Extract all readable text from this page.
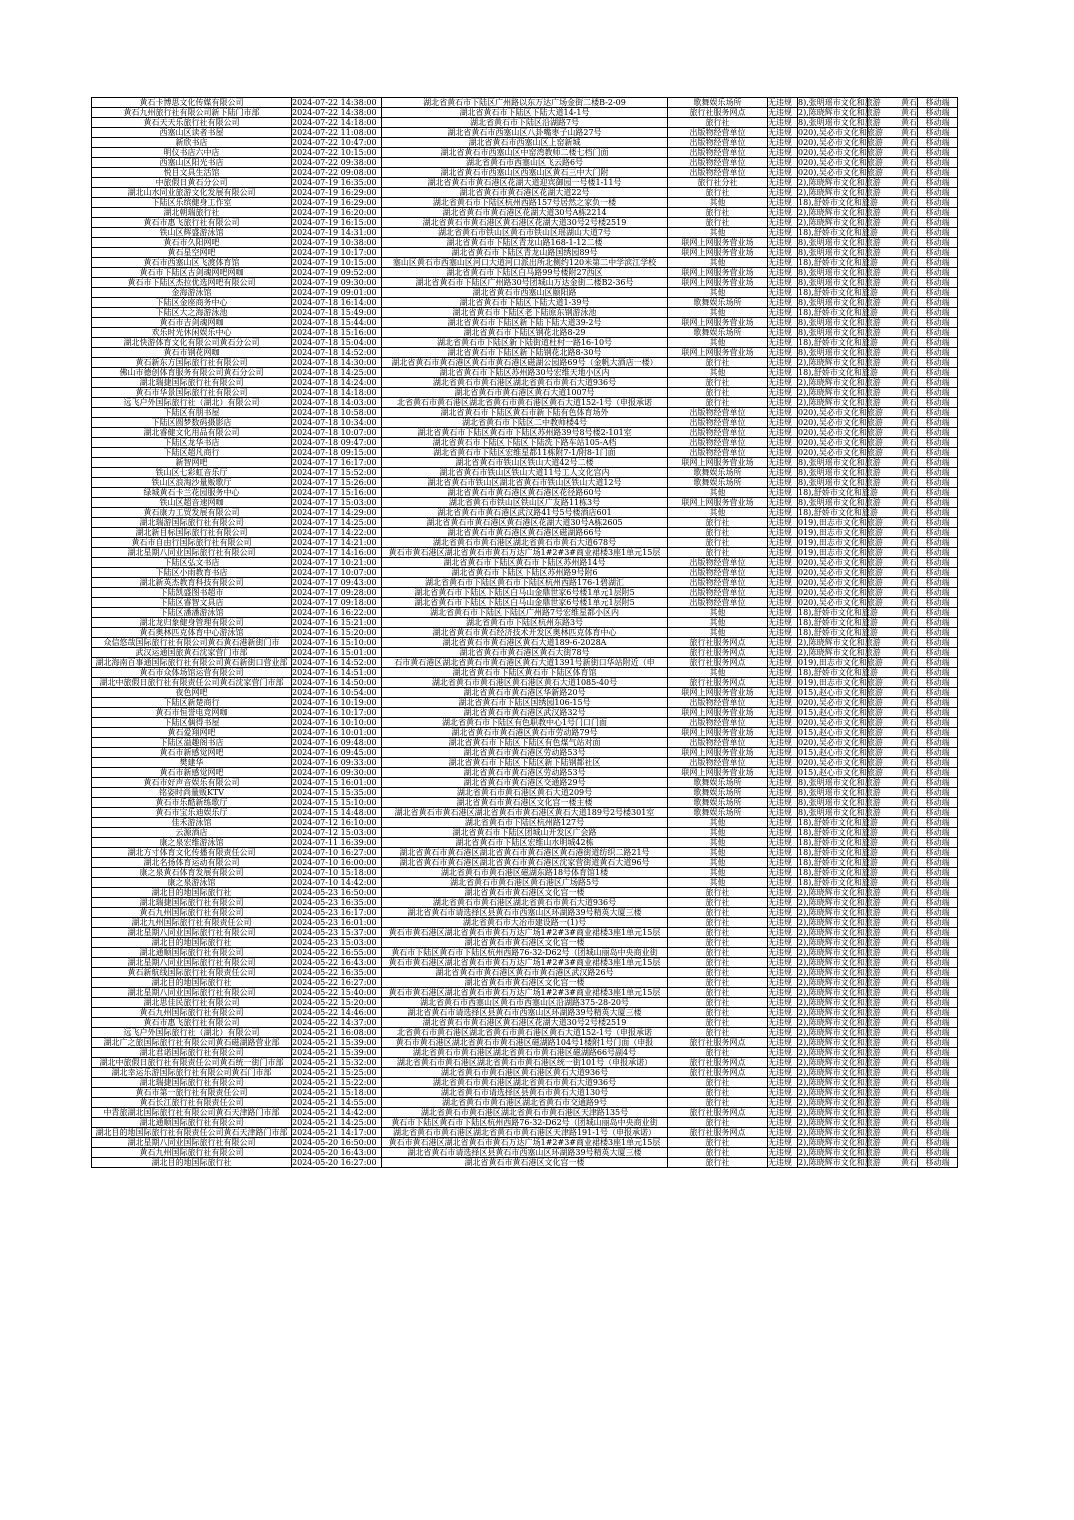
黄石卡博思文化传媒有限公司	2024-07-22 14:38:00	湖北省黄石市下陆区广州路以东万达广场金街二楼B-2-09	歌舞娱乐场所	无违规	8),张明瑶市文化和旅游	黄石	移动端
黄石九州旅行社有限公司新下陆门市部	2024-07-22 14:38:00	湖北省黄石市下陆区下陆大道14-1号	旅行社服务网点	无违规	2),陈晓辉市文化和旅游	黄石	移动端
黄石天天乐旅行社有限公司	2024-07-22 14:18:00	湖北省黄石市下陆区沿湖路7号	旅行社	无违规	8),张明瑶市文化和旅游	黄石	移动端
西塞山区读者书屋	2024-07-22 11:08:00	湖北省黄石市西塞山区八卦嘴枣子山路27号	出版物经营单位	无违规	020),吴必市文化和旅游	黄石	移动端
新欣书店	2024-07-22 10:47:00	湖北省黄石市西塞山区上窑新城	出版物经营单位	无违规	020),吴必市文化和旅游	黄石	移动端
明仪书店六中店	2024-07-22 10:15:00	湖北省黄石市西塞山区中窑湾教师二楼七档门面	出版物经营单位	无违规	020),吴必市文化和旅游	黄石	移动端
西塞山区阳光书店	2024-07-22 09:38:00	湖北省黄石市西塞山区飞云路6号	出版物经营单位	无违规	020),吴必市文化和旅游	黄石	移动端
悦目文具生活馆	2024-07-22 09:08:00	湖北省黄石市西塞山区西塞山区黄石三中大门附	出版物经营单位	无违规	020),吴必市文化和旅游	黄石	移动端
中旅假日黄石分公司	2024-07-19 16:35:00	湖北省黄石市黄石港区花湖大道迎宾御园一号楼1-11号	旅行社分社	无违规	2),陈晓辉市文化和旅游	黄石	移动端
湖北山水同业旅游文化发展有限公司	2024-07-19 16:29:00	湖北省黄石市黄石港区花湖大道22号	旅行社	无违规	2),陈晓辉市文化和旅游	黄石	移动端
下陆区乐缤健身工作室	2024-07-19 16:29:00	湖北省黄石市下陆区杭州西路157号居然之家负一楼	其他	无违规	18),舒娇市文化和旅游	黄石	移动端
湖北朝瑞旅行社	2024-07-19 16:20:00	湖北省黄石市黄石港区花湖大道30号A栋2214	旅行社	无违规	2),陈晓辉市文化和旅游	黄石	移动端
黄石市惠飞旅行社有限公司	2024-07-19 16:15:00	湖北省黄石市黄石港区黄石港区花湖大道30号2号楼2519	旅行社	无违规	2),陈晓辉市文化和旅游	黄石	移动端
铁山区辉盛游泳馆	2024-07-19 14:31:00	湖北省黄石市铁山区黄石市铁山区瑶湖山大道7号	其他	无违规	18),舒娇市文化和旅游	黄石	移动端
黄石市久阳网吧	2024-07-19 10:38:00	湖北省黄石市下陆区青龙山路168-1-12二楼	联网上网服务营业场	无违规	8),张明瑶市文化和旅游	黄石	移动端
黄石星空网吧	2024-07-19 10:17:00	湖北省黄石市下陆区青龙山路国绣园89号	联网上网服务营业场	无违规	8),张明瑶市文化和旅游	黄石	移动端
黄石市西塞山区飞渡体育馆	2024-07-19 10:15:00	塞山区黄石市西塞山区河口大道河口派出所北侧约120米第二中学滨江学校	其他	无违规	18),舒娇市文化和旅游	黄石	移动端
黄石市下陆区古剑魂网吧网咖	2024-07-19 09:52:00	湖北省黄石市下陆区白马路99号楼附27西区	联网上网服务营业场	无违规	8),张明瑶市文化和旅游	黄石	移动端
黄石市下陆区杰拉优选网吧有限公司	2024-07-19 09:30:00	湖北省黄石市下陆区广州路30号团城山万达金街二楼B2-36号	联网上网服务营业场	无违规	8),张明瑶市文化和旅游	黄石	移动端
金海游泳馆	2024-07-19 09:01:00	湖北省黄石市西塞山区颐阳路	其他	无违规	18),舒娇市文化和旅游	黄石	移动端
下陆区金座商务中心	2024-07-18 16:14:00	湖北省黄石市下陆区下陆大道1-39号	歌舞娱乐场所	无违规	8),张明瑶市文化和旅游	黄石	移动端
下陆区大之海游泳池	2024-07-18 15:49:00	湖北省黄石市下陆区老下陆原东钢游泳池	其他	无违规	18),舒娇市文化和旅游	黄石	移动端
黄石市吉剑魂网咖	2024-07-18 15:44:00	湖北省黄石市下陆区新下陆下陆大道39-2号	联网上网服务营业场	无违规	8),张明瑶市文化和旅游	黄石	移动端
欢乐时光休闲娱乐中心	2024-07-18 15:16:00	湖北省黄石市下陆区钢花北路8-29	歌舞娱乐场所	无违规	8),张明瑶市文化和旅游	黄石	移动端
湖北快游体育文化有限公司黄石分公司	2024-07-18 15:04:00	湖北省黄石市下陆区新下陆街道杜村一路16-10号	其他	无违规	18),舒娇市文化和旅游	黄石	移动端
黄石市钢花网咖	2024-07-18 14:52:00	湖北省黄石市下陆区新下陆钢花北路8-30号	联网上网服务营业场	无违规	8),张明瑶市文化和旅游	黄石	移动端
黄石新东方国际旅行社有限公司	2024-07-18 14:30:00	湖北省黄石市黄石港区黄石市黄石港区磁湖公园路69号（金帆大酒店一楼）	旅行社	无违规	2),陈晓辉市文化和旅游	黄石	移动端
佛山市德创体育服务有限公司黄石分公司	2024-07-18 14:25:00	湖北省黄石市下陆区苏州路30号宏维天地小区内	其他	无违规	18),舒娇市文化和旅游	黄石	移动端
湖北瑞捷国际旅行社有限公司	2024-07-18 14:24:00	湖北省黄石市黄石港区湖北省黄石市黄石大道936号	旅行社	无违规	2),陈晓辉市文化和旅游	黄石	移动端
黄石市华景国际旅行社有限公司	2024-07-18 14:18:00	湖北省黄石市黄石港区黄石大道1007号	旅行社	无违规	2),陈晓辉市文化和旅游	黄石	移动端
远飞户外国际旅行社（湖北）有限公司	2024-07-18 14:03:00	北省黄石市黄石港区湖北省黄石市黄石港区黄石大道152-1号（申报承诺	旅行社	无违规	2),陈晓辉市文化和旅游	黄石	移动端
下陆区有朋书屋	2024-07-18 10:58:00	湖北省黄石市下陆区黄石市新下陆有色体育场外	出版物经营单位	无违规	020),吴必市文化和旅游	黄石	移动端
下陆区圆梦数码摄影店	2024-07-18 10:34:00	湖北省黄石市下陆区二中教师楼4号	出版物经营单位	无违规	020),吴必市文化和旅游	黄石	移动端
湖北睿健文化用品有限公司	2024-07-18 10:07:00	湖北省黄石市下陆区黄石市下陆区苏州路39号8号楼2-101室	出版物经营单位	无违规	020),吴必市文化和旅游	黄石	移动端
下陆区龙华书店	2024-07-18 09:47:00	湖北省黄石市下陆区下陆区下陆洗下路车站105-A档	出版物经营单位	无违规	020),吴必市文化和旅游	黄石	移动端
下陆区超凡商行	2024-07-18 09:15:00	湖北省黄石市下陆区宏维星都11栋附7-1/附8-1门面	出版物经营单位	无违规	020),吴必市文化和旅游	黄石	移动端
新智网吧	2024-07-17 16:17:00	湖北省黄石市铁山区铁山大道42号二楼	联网上网服务营业场	无违规	8),张明瑶市文化和旅游	黄石	移动端
铁山区七彩虹音乐厅	2024-07-17 15:52:00	湖北省黄石市铁山区铁山大道11号工人文化宫内	歌舞娱乐场所	无违规	8),张明瑶市文化和旅游	黄石	移动端
铁山区浪淘沙量贩歌厅	2024-07-17 15:26:00	湖北省黄石市铁山区湖北省黄石市铁山区铁山大道12号	歌舞娱乐场所	无违规	8),张明瑶市文化和旅游	黄石	移动端
绿城黄石卡兰花园服务中心	2024-07-17 15:16:00	湖北省黄石市黄石港区黄石港区花径路60号	其他	无违规	18),舒娇市文化和旅游	黄石	移动端
铁山区超音速网咖	2024-07-17 15:03:00	湖北省黄石市铁山区铁山区广友路11栋3号	联网上网服务营业场	无违规	8),张明瑶市文化和旅游	黄石	移动端
黄石康力工贸发展有限公司	2024-07-17 14:29:00	湖北省黄石市黄石港区武汉路41号5号楼酒店601	其他	无违规	18),舒娇市文化和旅游	黄石	移动端
湖北瑞游国际旅行社有限公司	2024-07-17 14:25:00	湖北省黄石市黄石港区黄石港区花湖大道30号A栋2605	旅行社	无违规	019),田志市文化和旅游	黄石	移动端
湖北新目标国际旅行社有限公司	2024-07-17 14:22:00	湖北省黄石市黄石港区黄石港区磁湖路66号	旅行社	无违规	019),田志市文化和旅游	黄石	移动端
黄石市自由行国际旅行社有限公司	2024-07-17 14:21:00	湖北省黄石市黄石港区湖北省黄石市黄石大道678号	旅行社	无违规	019),田志市文化和旅游	黄石	移动端
湖北星期八同业国际旅行社有限公司	2024-07-17 14:16:00	黄石市黄石港区湖北省黄石市黄石万达广场1#2#3#商业裙楼3座1单元15层	旅行社	无违规	019),田志市文化和旅游	黄石	移动端
下陆区弘文书店	2024-07-17 10:21:00	湖北省黄石市下陆区黄石市下陆区苏州路14号	出版物经营单位	无违规	020),吴必市文化和旅游	黄石	移动端
下陆区小雨教育书店	2024-07-17 10:07:00	湖北省黄石市下陆区下陆区苏州路9号附6	出版物经营单位	无违规	020),吴必市文化和旅游	黄石	移动端
湖北新英杰教育科技有限公司	2024-07-17 09:43:00	湖北省黄石市下陆区黄石市下陆区杭州西路176-1碧湖汇	出版物经营单位	无违规	020),吴必市文化和旅游	黄石	移动端
下陆凯盛图书超市	2024-07-17 09:28:00	湖北省黄石市下陆区下陆区白马山金鼎世家6号楼1单元1层附5	出版物经营单位	无违规	020),吴必市文化和旅游	黄石	移动端
下陆区睿智文具店	2024-07-17 09:18:00	湖北省黄石市下陆区下陆区白马山金鼎世家6号楼1单元1层附5	出版物经营单位	无违规	020),吴必市文化和旅游	黄石	移动端
下陆区潘潘游泳馆	2024-07-16 16:22:00	湖北省黄石市下陆区下陆区广州路7号宏维星都小区内	其他	无违规	18),舒娇市文化和旅游	黄石	移动端
湖北龙归象健身管理有限公司	2024-07-16 15:21:00	湖北省黄石市下陆区杭州东路3号	其他	无违规	18),舒娇市文化和旅游	黄石	移动端
黄石奥林匹克体育中心游泳馆	2024-07-16 15:20:00	湖北省黄石市黄石经济技术开发区奥林匹克体育中心	其他	无违规	18),舒娇市文化和旅游	黄石	移动端
众信悠哉国际旅行社有限公司黄石黄石港新街门市	2024-07-16 15:10:00	湖北省黄石市黄石港区黄石大道189-6-2028A	旅行社服务网点	无违规	2),陈晓辉市文化和旅游	黄石	移动端
武汉运通国旅黄石沈家营门市部	2024-07-16 15:01:00	湖北省黄石市黄石港区黄石大街78号	旅行社服务网点	无违规	2),陈晓辉市文化和旅游	黄石	移动端
湖北海南百事通国际旅行社有限公司黄石新街口营业部	2024-07-16 14:52:00	石市黄石港区湖北省黄石市黄石港区黄石大道1391号新街口华站附近（申	旅行社服务网点	无违规	019),田志市文化和旅游	黄石	移动端
黄石市众体场馆运营有限公司	2024-07-16 14:51:00	湖北省黄石市下陆区黄石市下陆区体育馆	其他	无违规	18),舒娇市文化和旅游	黄石	移动端
湖北中旅假日旅行社有限责任公司黄石沈家营门市部	2024-07-16 14:50:00	湖北省黄石市黄石港区黄石港区黄石大道1085-40号	旅行社服务网点	无违规	019),田志市文化和旅游	黄石	移动端
夜色网吧	2024-07-16 10:54:00	湖北省黄石市黄石港区华新路20号	联网上网服务营业场	无违规	015),赵心市文化和旅游	黄石	移动端
下陆区新楚商行	2024-07-16 10:19:00	湖北省黄石市下陆区国绣园106-15号	出版物经营单位	无违规	020),吴必市文化和旅游	黄石	移动端
黄石市恒誉电竞网咖	2024-07-16 10:17:00	湖北省黄石市黄石港区武汉路32号	联网上网服务营业场	无违规	015),赵心市文化和旅游	黄石	移动端
下陆区偶得书屋	2024-07-16 10:10:00	湖北省黄石市下陆区有色职教中心1号门口门面	出版物经营单位	无违规	020),吴必市文化和旅游	黄石	移动端
黄石爱翔网吧	2024-07-16 10:01:00	湖北省黄石市黄石港区黄石市劳动路79号	联网上网服务营业场	无违规	015),赵心市文化和旅游	黄石	移动端
下陆区溢趣阁书店	2024-07-16 09:48:00	湖北省黄石市下陆区下陆区有色煤气站对面	出版物经营单位	无违规	020),吴必市文化和旅游	黄石	移动端
黄石市新感觉网吧	2024-07-16 09:45:00	湖北省黄石市黄石港区劳动路53号	联网上网服务营业场	无违规	015),赵心市文化和旅游	黄石	移动端
樊建华	2024-07-16 09:33:00	湖北省黄石市下陆区下陆区新下陆钢都社区	出版物经营单位	无违规	020),吴必市文化和旅游	黄石	移动端
黄石市新感觉网吧	2024-07-16 09:30:00	湖北省黄石市黄石港区劳动路53号	联网上网服务营业场	无违规	015),赵心市文化和旅游	黄石	移动端
黄石市好声音娱乐有限公司	2024-07-15 16:01:00	湖北省黄石市黄石港区交通路29号	歌舞娱乐场所	无违规	8),张明瑶市文化和旅游	黄石	移动端
铭姿时尚量贩KTV	2024-07-15 15:35:00	湖北省黄石市黄石港区黄石大道209号	歌舞娱乐场所	无违规	8),张明瑶市文化和旅游	黄石	移动端
黄石市乐酷新练歌厅	2024-07-15 15:10:00	湖北省黄石市黄石港区文化宫一楼主楼	歌舞娱乐场所	无违规	8),张明瑶市文化和旅游	黄石	移动端
黄石市宝乐迪娱乐厅	2024-07-15 14:48:00	湖北省黄石市黄石港区湖北省黄石市黄石港区黄石大道189号2号楼301室	歌舞娱乐场所	无违规	8),张明瑶市文化和旅游	黄石	移动端
佳禾游泳馆	2024-07-12 16:10:00	湖北省黄石市下陆区杭州路127号	其他	无违规	18),舒娇市文化和旅游	黄石	移动端
云源酒店	2024-07-12 15:03:00	湖北省黄石市下陆区团城山开发区广会路	其他	无违规	18),舒娇市文化和旅游	黄石	移动端
康之泉宏维游泳馆	2024-07-11 16:39:00	湖北省黄石市下陆区宏维山水明城42栋	其他	无违规	18),舒娇市文化和旅游	黄石	移动端
湖北方寸体育文化传播有限责任公司	2024-07-10 16:27:00	湖北省黄石市黄石港区湖北省黄石市黄石港区黄石港街道纺织二路21号	其他	无违规	18),舒娇市文化和旅游	黄石	移动端
湖北名扬体育运动有限公司	2024-07-10 16:00:00	湖北省黄石市黄石港区湖北省黄石市黄石港区沈家营街道黄石大道96号	其他	无违规	18),舒娇市文化和旅游	黄石	移动端
康之泉黄石体育发展有限公司	2024-07-10 15:18:00	湖北省黄石市黄石港区磁湖东路18号体育馆1楼	其他	无违规	18),舒娇市文化和旅游	黄石	移动端
康之泉游泳馆	2024-07-10 14:42:00	湖北省黄石市黄石港区黄石港区广场路5号	其他	无违规	18),舒娇市文化和旅游	黄石	移动端
湖北目的地国际旅行社	2024-05-23 16:50:00	湖北省黄石市黄石港区文化宫一楼	旅行社	无违规	2),陈晓辉市文化和旅游	黄石	移动端
湖北瑞捷国际旅行社有限公司	2024-05-23 16:35:00	湖北省黄石市黄石港区湖北省黄石市黄石大道936号	旅行社	无违规	2),陈晓辉市文化和旅游	黄石	移动端
黄石九州国际旅行社有限公司	2024-05-23 16:17:00	湖北省黄石市请选择区县黄石市西塞山区环湖路39号精英大厦三楼	旅行社	无违规	2),陈晓辉市文化和旅游	黄石	移动端
湖北九州国际旅行社有限责任公司	2024-05-23 16:01:00	湖北省黄石市大冶市建设路一(1)号	旅行社	无违规	2),陈晓辉市文化和旅游	黄石	移动端
湖北星期八同业国际旅行社有限公司	2024-05-23 15:37:00	黄石市黄石港区湖北省黄石市黄石万达广场1#2#3#商业裙楼3座1单元15层	旅行社	无违规	2),陈晓辉市文化和旅游	黄石	移动端
湖北目的地国际旅行社	2024-05-23 15:03:00	湖北省黄石市黄石港区文化宫一楼	旅行社	无违规	2),陈晓辉市文化和旅游	黄石	移动端
湖北通顺国际旅行社有限公司	2024-05-22 16:55:00	黄石市下陆区黄石市下陆区杭州西路76-32-D62号（团城山丽岛中央商业街	旅行社	无违规	2),陈晓辉市文化和旅游	黄石	移动端
湖北星期八同业国际旅行社有限公司	2024-05-22 16:43:00	黄石市黄石港区湖北省黄石市黄石万达广场1#2#3#商业裙楼3座1单元15层	旅行社	无违规	2),陈晓辉市文化和旅游	黄石	移动端
黄石新航线国际旅行社有限责任公司	2024-05-22 16:35:00	湖北省黄石市黄石港区黄石市黄石港区武汉路26号	旅行社	无违规	2),陈晓辉市文化和旅游	黄石	移动端
湖北目的地国际旅行社	2024-05-22 16:27:00	湖北省黄石市黄石港区文化宫一楼	旅行社	无违规	2),陈晓辉市文化和旅游	黄石	移动端
湖北星期八同业国际旅行社有限公司	2024-05-22 15:40:00	黄石市黄石港区湖北省黄石市黄石万达广场1#2#3#商业裙楼3座1单元15层	旅行社	无违规	2),陈晓辉市文化和旅游	黄石	移动端
湖北思佳民旅行社有限公司	2024-05-22 15:20:00	湖北省黄石市西塞山区黄石市西塞山区沿湖路375-28-20号	旅行社	无违规	2),陈晓辉市文化和旅游	黄石	移动端
黄石九州国际旅行社有限公司	2024-05-22 14:46:00	湖北省黄石市请选择区县黄石市西塞山区环湖路39号精英大厦三楼	旅行社	无违规	2),陈晓辉市文化和旅游	黄石	移动端
黄石市惠飞旅行社有限公司	2024-05-22 14:37:00	湖北省黄石市黄石港区黄石港区花湖大道30号2号楼2519	旅行社	无违规	2),陈晓辉市文化和旅游	黄石	移动端
远飞户外国际旅行社（湖北）有限公司	2024-05-21 16:08:00	北省黄石市黄石港区湖北省黄石市黄石港区黄石大道152-1号（申报承诺	旅行社	无违规	2),陈晓辉市文化和旅游	黄石	移动端
湖北广之旅国际旅行社有限公司黄石磁湖路营业部	2024-05-21 15:39:00	黄石市黄石港区湖北省黄石市黄石港区磁湖路104号1楼附1号门面（申报	旅行社服务网点	无违规	2),陈晓辉市文化和旅游	黄石	移动端
湖北君诺国际旅行社有限公司	2024-05-21 15:39:00	湖北省黄石市黄石港区湖北省黄石市黄石港区磁湖路66号副4号	旅行社	无违规	2),陈晓辉市文化和旅游	黄石	移动端
湖北中旅假日旅行社有限责任公司黄石统一街门市部	2024-05-21 15:32:00	湖北省黄石市黄石港区湖北省黄石市黄石港区统一街101号（申报承诺）	旅行社服务网点	无违规	2),陈晓辉市文化和旅游	黄石	移动端
湖北幸运乐游国际旅行社有限公司黄石门市部	2024-05-21 15:25:00	湖北省黄石市黄石港区黄石港区黄石大道936号	旅行社服务网点	无违规	2),陈晓辉市文化和旅游	黄石	移动端
湖北瑞捷国际旅行社有限公司	2024-05-21 15:22:00	湖北省黄石市黄石港区湖北省黄石市黄石大道936号	旅行社	无违规	2),陈晓辉市文化和旅游	黄石	移动端
黄石市第一旅行社有限责任公司	2024-05-21 15:18:00	湖北省黄石市请选择区县黄石市黄石大道130号	旅行社	无违规	2),陈晓辉市文化和旅游	黄石	移动端
黄石长江旅行社有限责任公司	2024-05-21 14:55:00	湖北省黄石市黄石港区湖北省黄石市交通路9号	旅行社	无违规	2),陈晓辉市文化和旅游	黄石	移动端
中青旅湖北国际旅行社有限公司黄石天津路门市部	2024-05-21 14:42:00	湖北省黄石市黄石港区湖北省黄石市黄石港区天津路135号	旅行社服务网点	无违规	2),陈晓辉市文化和旅游	黄石	移动端
湖北通顺国际旅行社有限公司	2024-05-21 14:25:00	黄石市下陆区黄石市下陆区杭州西路76-32-D62号（团城山丽岛中央商业街	旅行社	无违规	2),陈晓辉市文化和旅游	黄石	移动端
湖北目的地国际旅行社有限责任公司黄石天津路门市部	2024-05-21 14:17:00	湖北省黄石市黄石港区湖北省黄石市黄石港区天津路191-1号（申报承诺）	旅行社服务网点	无违规	2),陈晓辉市文化和旅游	黄石	移动端
湖北星期八同业国际旅行社有限公司	2024-05-20 16:50:00	黄石市黄石港区湖北省黄石市黄石万达广场1#2#3#商业裙楼3座1单元15层	旅行社	无违规	2),陈晓辉市文化和旅游	黄石	移动端
黄石九州国际旅行社有限公司	2024-05-20 16:43:00	湖北省黄石市请选择区县黄石市西塞山区环湖路39号精英大厦三楼	旅行社	无违规	2),陈晓辉市文化和旅游	黄石	移动端
湖北目的地国际旅行社	2024-05-20 16:27:00	湖北省黄石市黄石港区文化宫一楼	旅行社	无违规	2),陈晓辉市文化和旅游	黄石	移动端
